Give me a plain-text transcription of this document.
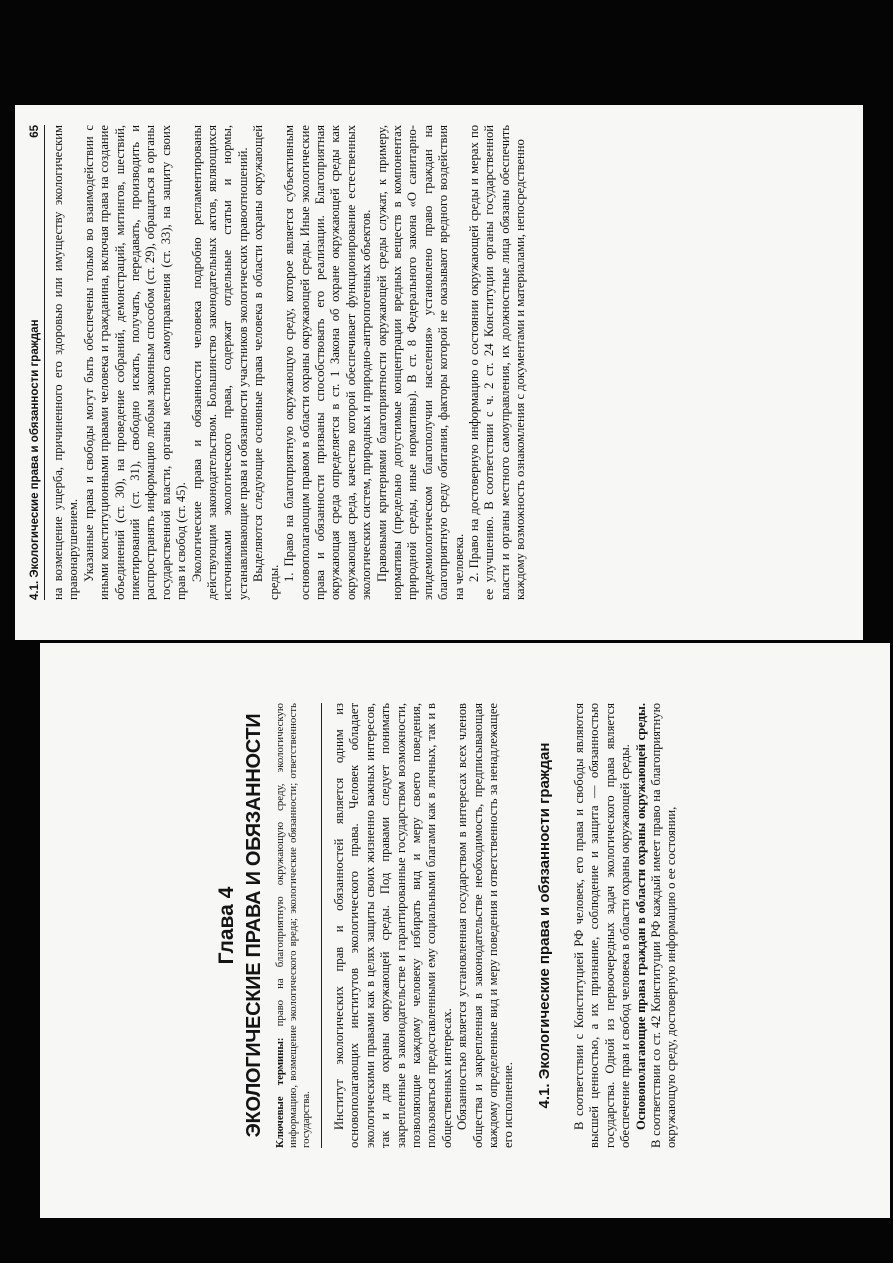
4.1. Экологические права и обязанности граждан
65 на возмещение ущерба, причиненного его здоровью или имуществу экологическим правонарушением. Указанные права и свободы могут быть обеспечены только во взаимодействии с иными конституционными правами человека и гражданина, включая права на создание объединений (ст. 30), на проведение собраний, демонстраций, митингов, шествий, пикетирований (ст. 31), свободно искать, получать, передавать, производить и распространять информацию любым законным способом (ст. 29), обращаться в органы государственной власти, органы местного самоуправления (ст. 33), на защиту своих прав и свобод (ст. 45). Экологические права и обязанности человека подробно регламентированы действующим законодательством. Большинство законодательных актов, являющихся источниками экологического права, содержат отдельные статьи и нормы, устанавливающие права и обязанности участников экологических правоотношений. Выделяются следующие основные права человека в области охраны окружающей среды.

1. Право на благоприятную окружающую среду, которое является субъективным основополагающим правом в области охраны окружающей среды. Иные экологические права и обязанности призваны способствовать его реализации. Благоприятная окружающая среда определяется в ст. 1 Закона об охране окружающей среды как окружающая среда, качество которой обеспечивает функционирование естественных экологических систем, природных и природно-антропогенных объектов. Правовыми критериями благоприятности окружающей среды служат, к примеру, нормативы (предельно допустимые концентрации вредных веществ в компонентах природной среды, иные нормативы). В ст. 8 Федерального закона «О санитарно-эпидемиологическом благополучии населения» установлено право граждан на благоприятную среду обитания, факторы которой не оказывают вредного воздействия на человека. 2. Право на достоверную информацию о состоянии окружающей среды и мерах по ее улучшению. В соответствии с ч. 2 ст. 24 Конституции органы государственной власти и органы местного самоуправления, их должностные лица обязаны обеспечить каждому возможность ознакомления с документами и материалами, непосредственно

Глава 4 ЭКОЛОГИЧЕСКИЕ ПРАВА И ОБЯЗАННОСТИ Ключевые термины: право на благоприятную окружающую среду, экологическую информацию, возмещение экологического вреда; экологические обязанности; ответственность государства. Институт экологических прав и обязанностей является одним из основополагающих институтов экологического права. Человек обладает экологическими правами как в целях защиты своих жизненно важных интересов, так и для охраны окружающей среды. Под правами следует понимать закрепленные в законодательстве и гарантированные государством возможности, позволяющие каждому человеку избирать вид и меру своего поведения, пользоваться предоставленными ему социальными благами как в личных, так и в общественных интересах. Обязанностью является установленная государством в интересах всех членов общества и закрепленная в законодательстве необходимость, предписывающая каждому определенные вид и меру поведения и ответственность за ненадлежащее его исполнение. 4.1. Экологические права и обязанности граждан В соответствии с Конституцией РФ человек, его права и свободы являются высшей ценностью, а их признание, соблюдение и защита — обязанностью государства. Одной из первоочередных задач экологического права является обеспечение прав и свобод человека в области охраны окружающей среды. Основополагающие права граждан в области охраны окружающей среды. В соответствии со ст. 42 Конституции РФ каждый имеет право на благоприятную окружающую среду, достоверную информацию о ее состоянии,
